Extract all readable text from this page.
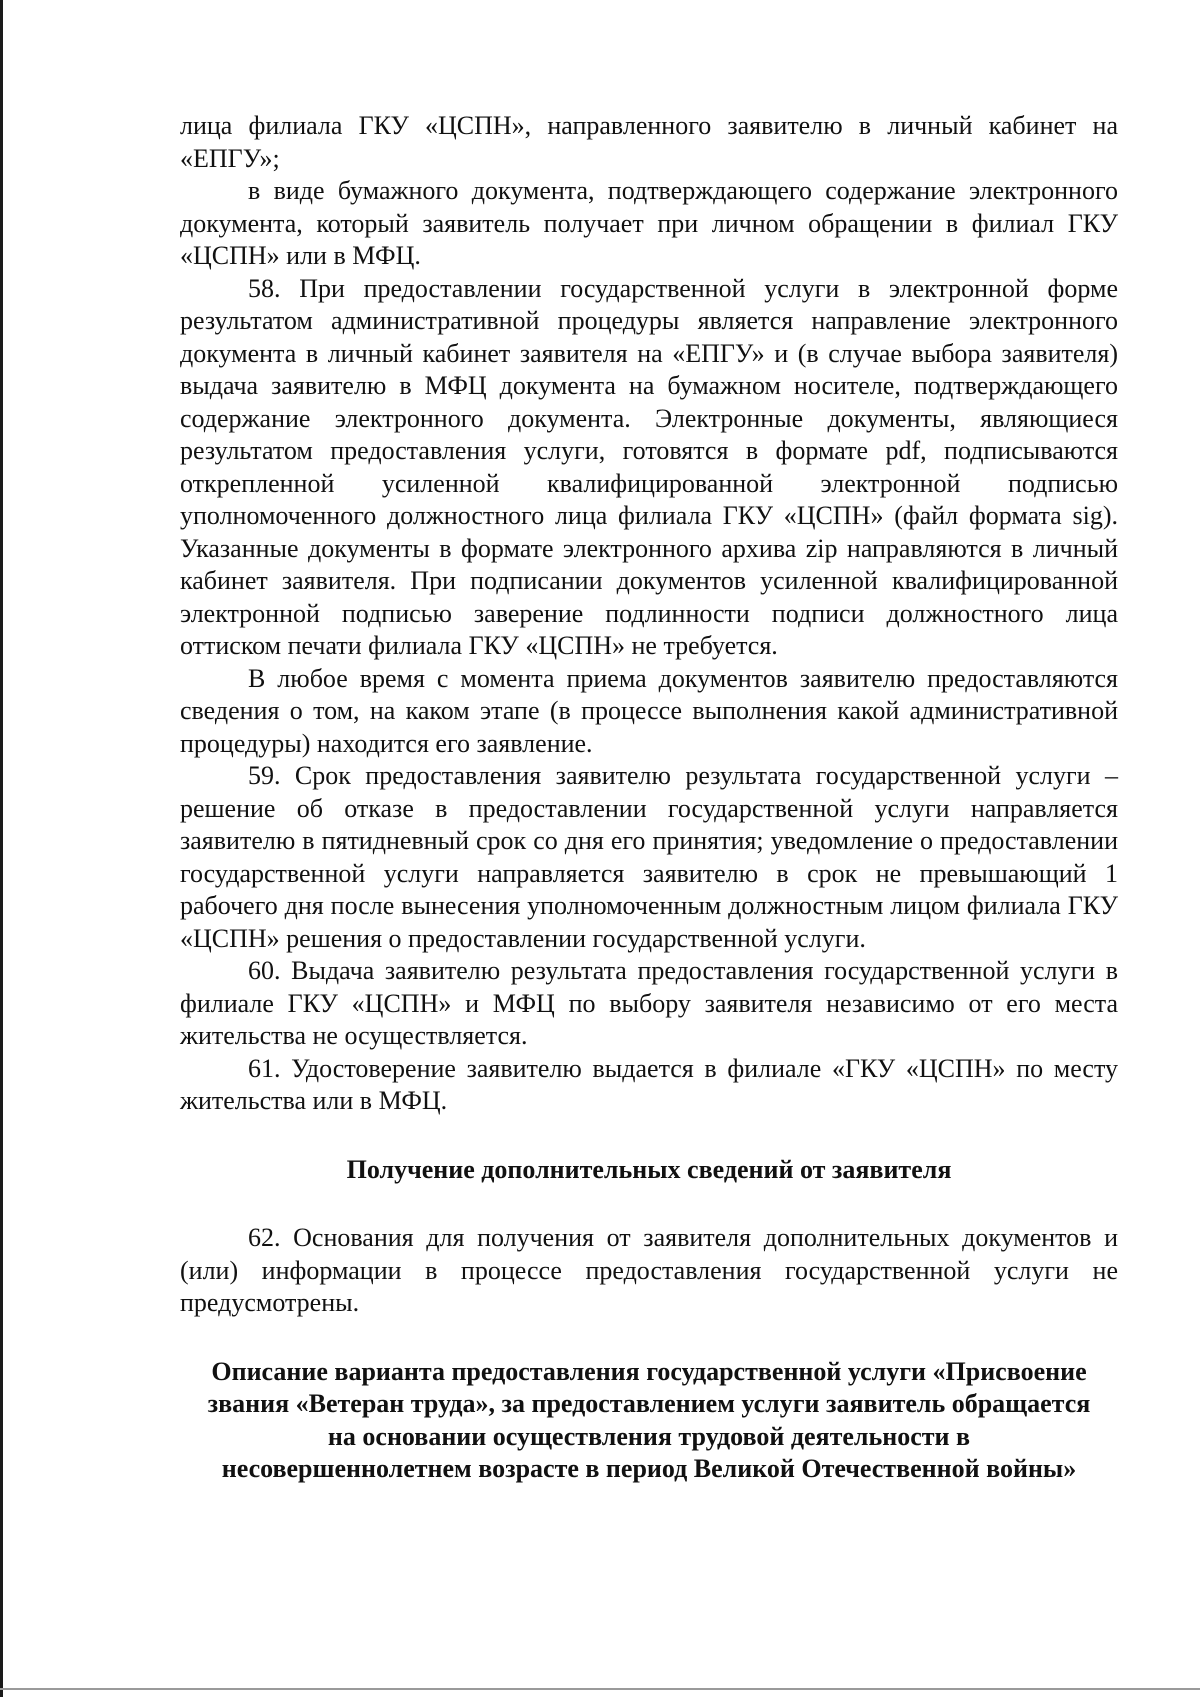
лица филиала ГКУ «ЦСПН», направленного заявителю в личный кабинет на «ЕПГУ»;

в виде бумажного документа, подтверждающего содержание электронного документа, который заявитель получает при личном обращении в филиал ГКУ «ЦСПН» или в МФЦ.

58. При предоставлении государственной услуги в электронной форме результатом административной процедуры является направление электронного документа в личный кабинет заявителя на «ЕПГУ» и (в случае выбора заявителя) выдача заявителю в МФЦ документа на бумажном носителе, подтверждающего содержание электронного документа. Электронные документы, являющиеся результатом предоставления услуги, готовятся в формате pdf, подписываются открепленной усиленной квалифицированной электронной подписью уполномоченного должностного лица филиала ГКУ «ЦСПН» (файл формата sig). Указанные документы в формате электронного архива zip направляются в личный кабинет заявителя. При подписании документов усиленной квалифицированной электронной подписью заверение подлинности подписи должностного лица оттиском печати филиала ГКУ «ЦСПН» не требуется.

В любое время с момента приема документов заявителю предоставляются сведения о том, на каком этапе (в процессе выполнения какой административной процедуры) находится его заявление.

59. Срок предоставления заявителю результата государственной услуги – решение об отказе в предоставлении государственной услуги направляется заявителю в пятидневный срок со дня его принятия; уведомление о предоставлении государственной услуги направляется заявителю в срок не превышающий 1 рабочего дня после вынесения уполномоченным должностным лицом филиала ГКУ «ЦСПН» решения о предоставлении государственной услуги.

60. Выдача заявителю результата предоставления государственной услуги в филиале ГКУ «ЦСПН» и МФЦ по выбору заявителя независимо от его места жительства не осуществляется.

61. Удостоверение заявителю выдается в филиале «ГКУ «ЦСПН» по месту жительства или в МФЦ.

Получение дополнительных сведений от заявителя

62. Основания для получения от заявителя дополнительных документов и (или) информации в процессе предоставления государственной услуги не предусмотрены.

Описание варианта предоставления государственной услуги «Присвоение звания «Ветеран труда», за предоставлением услуги заявитель обращается на основании осуществления трудовой деятельности в несовершеннолетнем возрасте в период Великой Отечественной войны»
